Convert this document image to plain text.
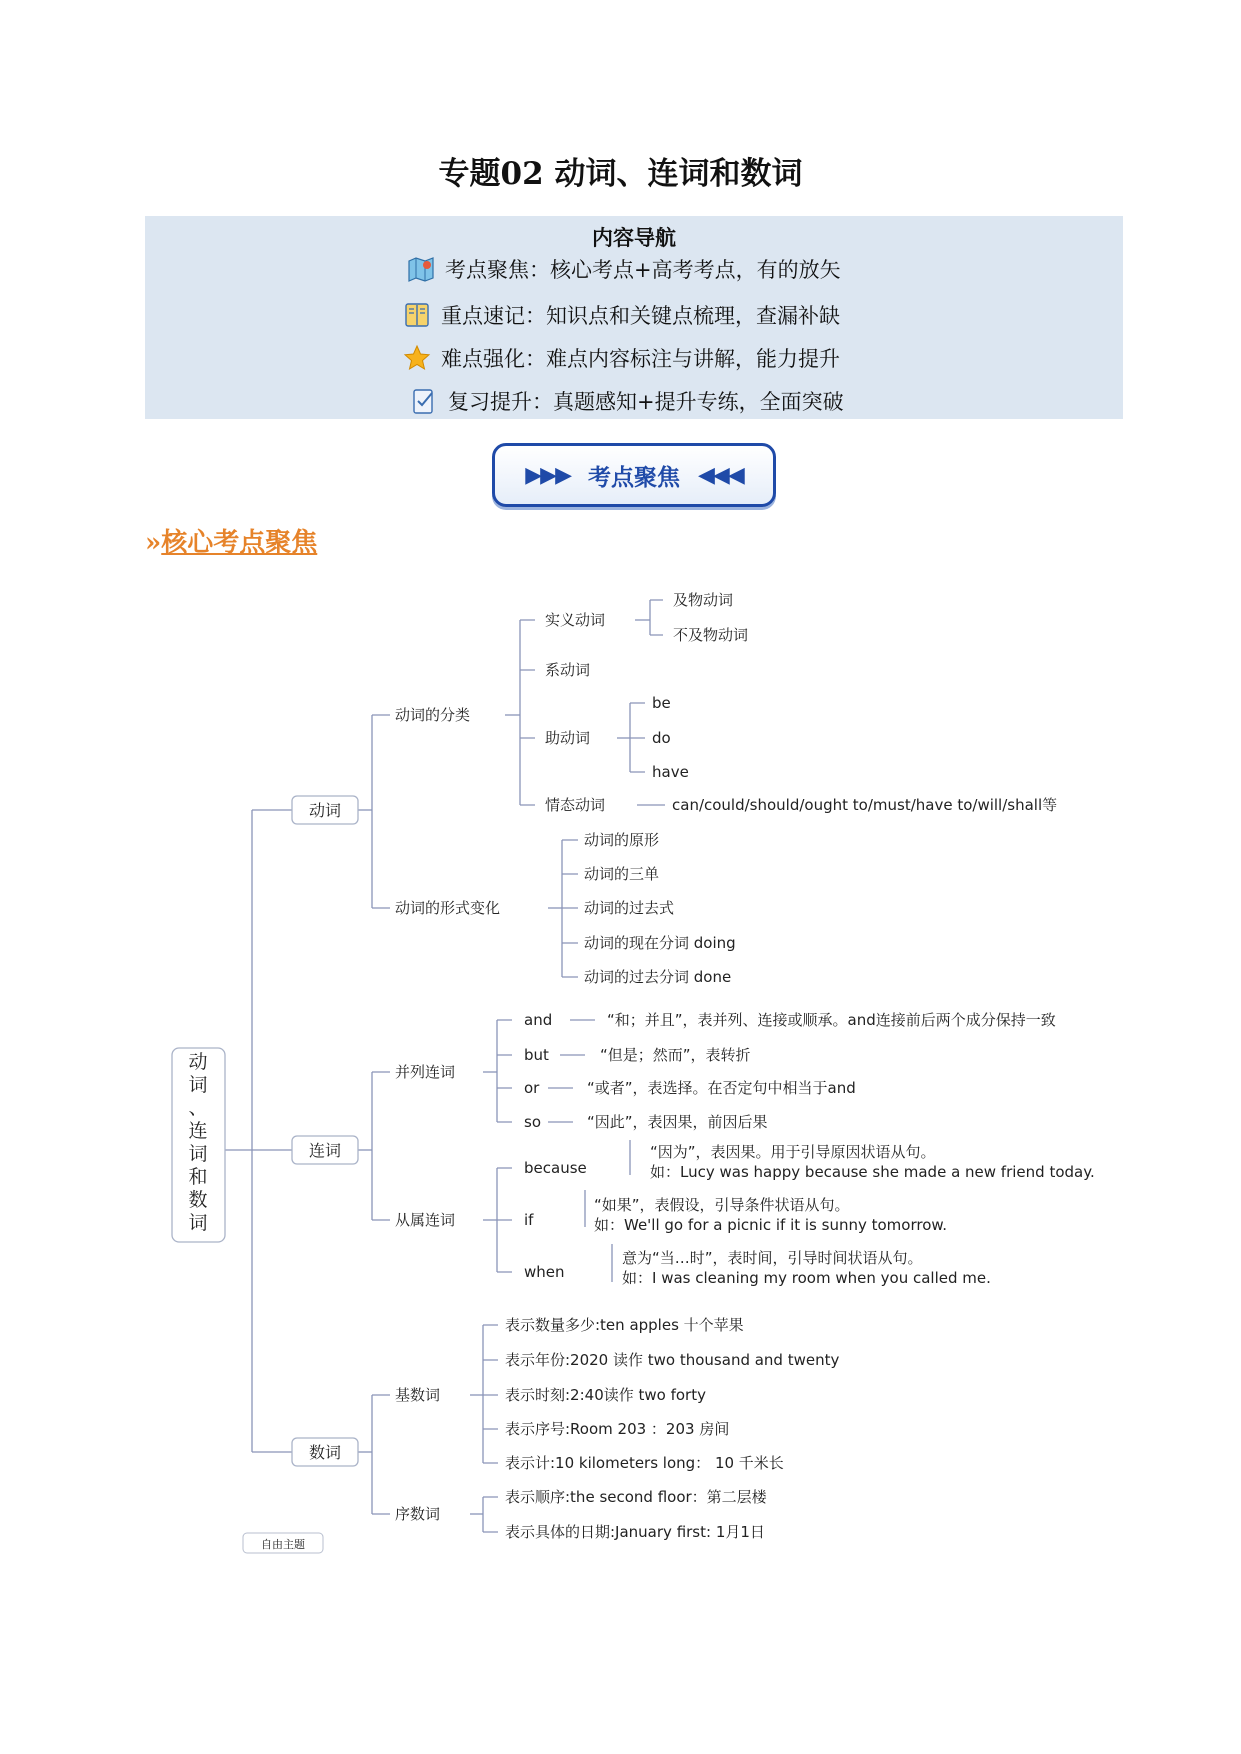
专题02 动词、连词和数词
内容导航
考点聚焦：核心考点+高考考点，有的放矢
重点速记：知识点和关键点梳理，查漏补缺
难点强化：难点内容标注与讲解，能力提升
复习提升：真题感知+提升专练，全面突破
▶▶▶ 考点聚焦 ◀◀◀
»核心考点聚焦
动
词
、
连
词
和
数
词
动词
连词
数词
动词的分类
实义动词
及物动词
不及物动词
系动词
助动词
be
do
have
情态动词	can/could/should/ought to/must/have to/will/shall等
动词的形式变化
动词的原形
动词的三单
动词的过去式
动词的现在分词 doing
动词的过去分词 done
并列连词
and	“和；并且”，表并列、连接或顺承。and连接前后两个成分保持一致
but	“但是；然而”，表转折
or	“或者”，表选择。在否定句中相当于and
so	“因此”，表因果，前因后果
从属连词
because
“因为”，表因果。用于引导原因状语从句。
如：Lucy was happy because she made a new friend today.
if
“如果”，表假设，引导条件状语从句。
如：We'll go for a picnic if it is sunny tomorrow.
when
意为“当…时”，表时间，引导时间状语从句。
如：I was cleaning my room when you called me.
基数词
表示数量多少:ten apples 十个苹果
表示年份:2020 读作 two thousand and twenty
表示时刻:2:40读作 two forty
表示序号:Room 203 ：203 房间
表示计:10 kilometers long： 10 千米长
序数词
表示顺序:the second floor：第二层楼
表示具体的日期:January first: 1月1日
自由主题
